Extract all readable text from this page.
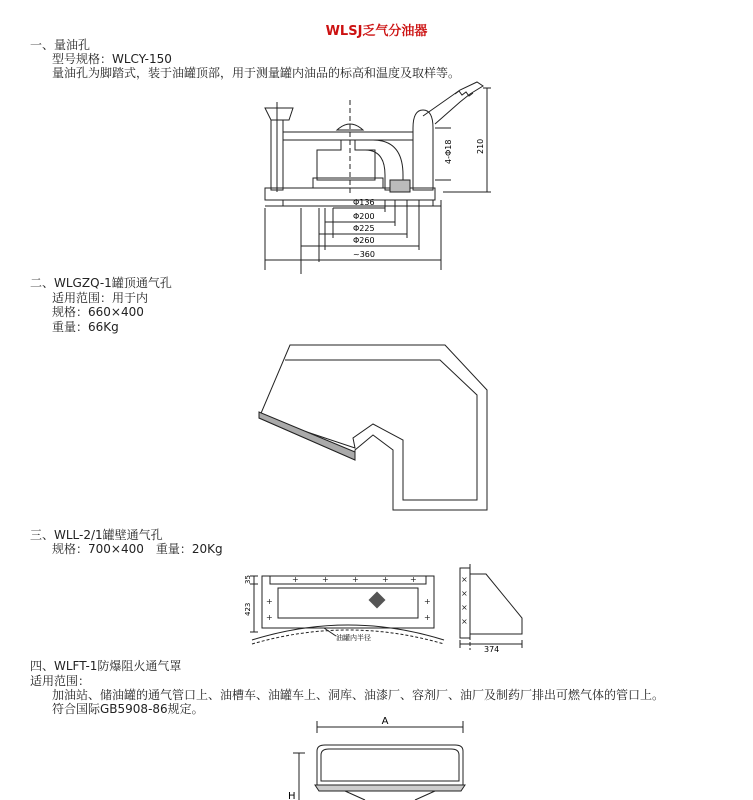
WLSJ乏气分油器
一、量油孔
型号规格：WLCY-150
量油孔为脚踏式，装于油罐顶部，用于测量罐内油品的标高和温度及取样等。
Φ136
Φ200
Φ225
Φ260
~360
4-Φ18	210
二、WLGZQ-1罐顶通气孔
适用范围：用于内
规格：660×400
重量：66Kg
三、WLL-2/1罐壁通气孔
规格：700×400　重量：20Kg
+	+	+	+	+
+
+
+
+
×
×
×
×
35
423
油罐内半径
374
四、WLFT-1防爆阻火通气罩
适用范围：
加油站、储油罐的通气管口上、油槽车、油罐车上、洞库、油漆厂、容剂厂、油厂及制药厂排出可燃气体的管口上。
符合国际GB5908-86规定。
A
H
